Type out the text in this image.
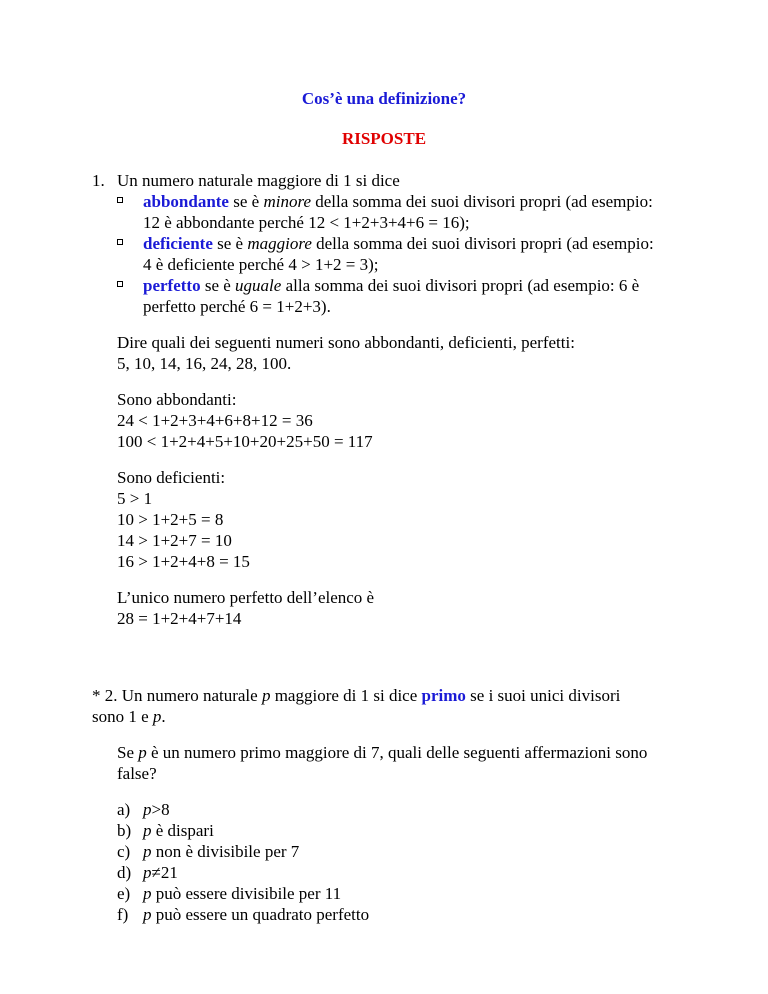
Cos’è una definizione?
RISPOSTE
1. Un numero naturale maggiore di 1 si dice
abbondante se è minore della somma dei suoi divisori propri (ad esempio:
12 è abbondante perché 12 < 1+2+3+4+6 = 16);
deficiente se è maggiore della somma dei suoi divisori propri (ad esempio:
4 è deficiente perché 4 > 1+2 = 3);
perfetto se è uguale alla somma dei suoi divisori propri (ad esempio: 6 è
perfetto perché 6 = 1+2+3).
Dire quali dei seguenti numeri sono abbondanti, deficienti, perfetti:
5, 10, 14, 16, 24, 28, 100.
Sono abbondanti:
24 < 1+2+3+4+6+8+12 = 36
100 < 1+2+4+5+10+20+25+50 = 117
Sono deficienti:
5 > 1
10 > 1+2+5 = 8
14 > 1+2+7 = 10
16 > 1+2+4+8 = 15
L’unico numero perfetto dell’elenco è
28 = 1+2+4+7+14
* 2. Un numero naturale p maggiore di 1 si dice primo se i suoi unici divisori
sono 1 e p.
Se p è un numero primo maggiore di 7, quali delle seguenti affermazioni sono
false?
a) p>8
b) p è dispari
c) p non è divisibile per 7
d) p≠21
e) p può essere divisibile per 11
f) p può essere un quadrato perfetto
